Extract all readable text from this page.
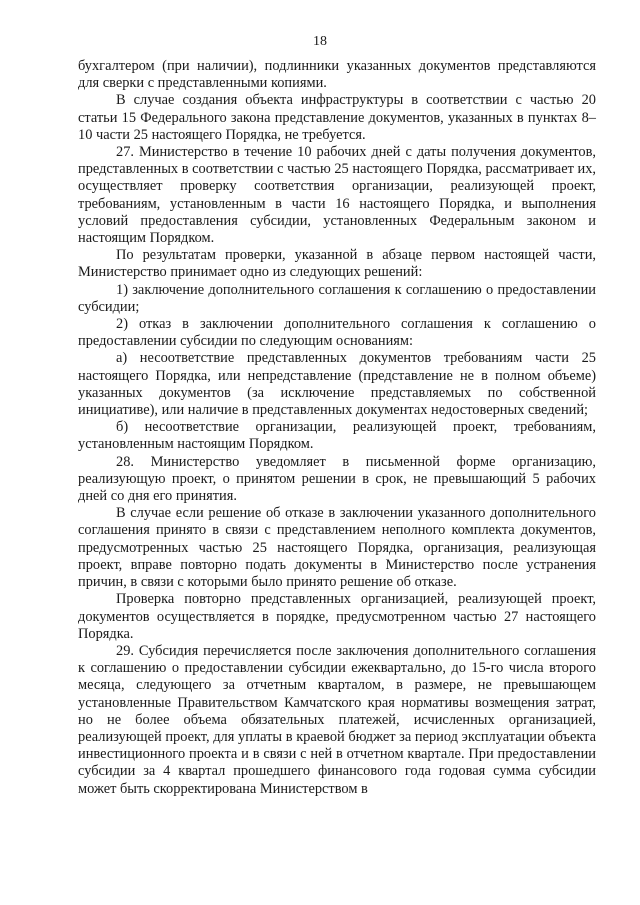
18

бухгалтером (при наличии), подлинники указанных документов представляются для сверки с представленными копиями.

В случае создания объекта инфраструктуры в соответствии с частью 20 статьи 15 Федерального закона представление документов, указанных в пунктах 8–10 части 25 настоящего Порядка, не требуется.

27. Министерство в течение 10 рабочих дней с даты получения документов, представленных в соответствии с частью 25 настоящего Порядка, рассматривает их, осуществляет проверку соответствия организации, реализующей проект, требованиям, установленным в части 16 настоящего Порядка, и выполнения условий предоставления субсидии, установленных Федеральным законом и настоящим Порядком.

По результатам проверки, указанной в абзаце первом настоящей части, Министерство принимает одно из следующих решений:

1) заключение дополнительного соглашения к соглашению о предоставлении субсидии;

2) отказ в заключении дополнительного соглашения к соглашению о предоставлении субсидии по следующим основаниям:

а) несоответствие представленных документов требованиям части 25 настоящего Порядка, или непредставление (представление не в полном объеме) указанных документов (за исключение представляемых по собственной инициативе), или наличие в представленных документах недостоверных сведений;

б) несоответствие организации, реализующей проект, требованиям, установленным настоящим Порядком.

28. Министерство уведомляет в письменной форме организацию, реализующую проект, о принятом решении в срок, не превышающий 5 рабочих дней со дня его принятия.

В случае если решение об отказе в заключении указанного дополнительного соглашения принято в связи с представлением неполного комплекта документов, предусмотренных частью 25 настоящего Порядка, организация, реализующая проект, вправе повторно подать документы в Министерство после устранения причин, в связи с которыми было принято решение об отказе.

Проверка повторно представленных организацией, реализующей проект, документов осуществляется в порядке, предусмотренном частью 27 настоящего Порядка.

29. Субсидия перечисляется после заключения дополнительного соглашения к соглашению о предоставлении субсидии ежеквартально, до 15-го числа второго месяца, следующего за отчетным кварталом, в размере, не превышающем установленные Правительством Камчатского края нормативы возмещения затрат, но не более объема обязательных платежей, исчисленных организацией, реализующей проект, для уплаты в краевой бюджет за период эксплуатации объекта инвестиционного проекта и в связи с ней в отчетном квартале. При предоставлении субсидии за 4 квартал прошедшего финансового года годовая сумма субсидии может быть скорректирована Министерством в
